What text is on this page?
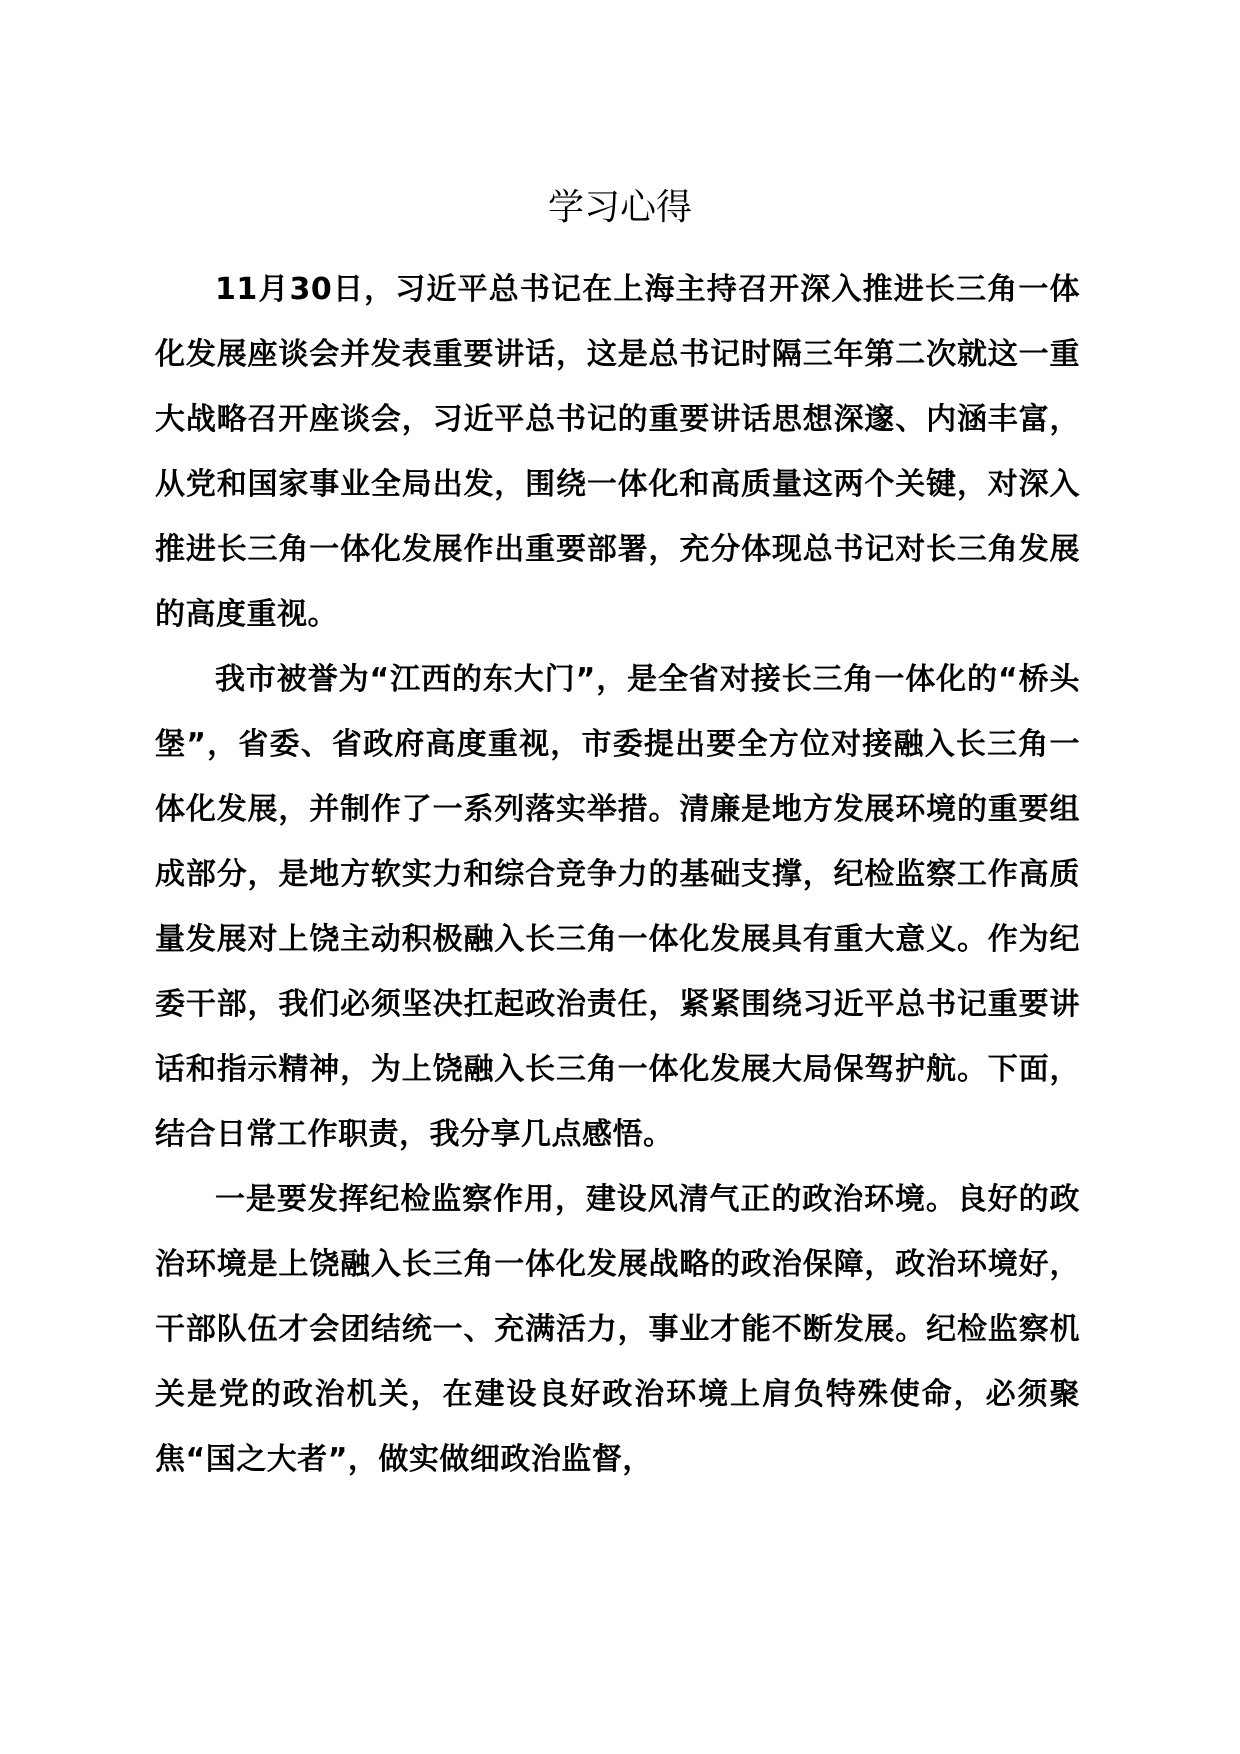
学习心得

11月30日，习近平总书记在上海主持召开深入推进长三角一体化发展座谈会并发表重要讲话，这是总书记时隔三年第二次就这一重大战略召开座谈会，习近平总书记的重要讲话思想深邃、内涵丰富，从党和国家事业全局出发，围绕一体化和高质量这两个关键，对深入推进长三角一体化发展作出重要部署，充分体现总书记对长三角发展的高度重视。

我市被誉为“江西的东大门”，是全省对接长三角一体化的“桥头堡”，省委、省政府高度重视，市委提出要全方位对接融入长三角一体化发展，并制作了一系列落实举措。清廉是地方发展环境的重要组成部分，是地方软实力和综合竞争力的基础支撑，纪检监察工作高质量发展对上饶主动积极融入长三角一体化发展具有重大意义。作为纪委干部，我们必须坚决扛起政治责任，紧紧围绕习近平总书记重要讲话和指示精神，为上饶融入长三角一体化发展大局保驾护航。下面，结合日常工作职责，我分享几点感悟。

一是要发挥纪检监察作用，建设风清气正的政治环境。良好的政治环境是上饶融入长三角一体化发展战略的政治保障，政治环境好，干部队伍才会团结统一、充满活力，事业才能不断发展。纪检监察机关是党的政治机关，在建设良好政治环境上肩负特殊使命，必须聚焦“国之大者”，做实做细政治监督，
